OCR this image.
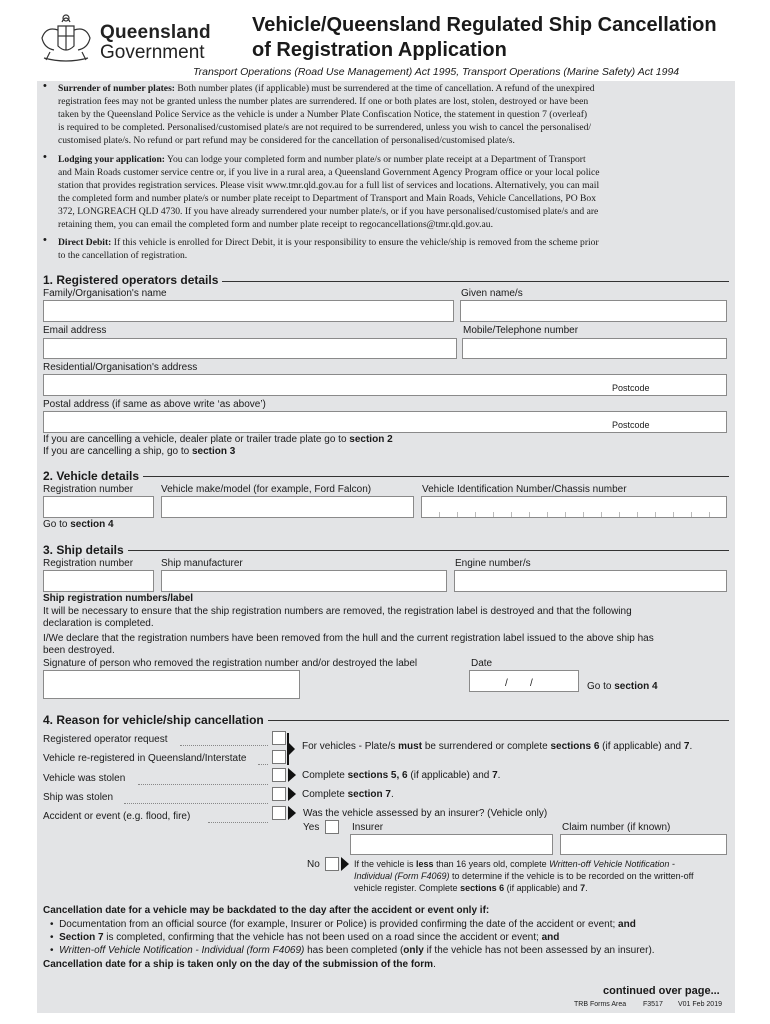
Queensland
Government
Vehicle/Queensland Regulated Ship Cancellation
of Registration Application
Transport Operations (Road Use Management) Act 1995, Transport Operations (Marine Safety) Act 1994
• Surrender of number plates: Both number plates (if applicable) must be surrendered at the time of cancellation. A refund of the unexpired
registration fees may not be granted unless the number plates are surrendered. If one or both plates are lost, stolen, destroyed or have been
taken by the Queensland Police Service as the vehicle is under a Number Plate Confiscation Notice, the statement in question 7 (overleaf)
is required to be completed. Personalised/customised plate/s are not required to be surrendered, unless you wish to cancel the personalised/
customised plate/s. No refund or part refund may be considered for the cancellation of personalised/customised plate/s.
• Lodging your application: You can lodge your completed form and number plate/s or number plate receipt at a Department of Transport
and Main Roads customer service centre or, if you live in a rural area, a Queensland Government Agency Program office or your local police
station that provides registration services. Please visit www.tmr.qld.gov.au for a full list of services and locations. Alternatively, you can mail
the completed form and number plate/s or number plate receipt to Department of Transport and Main Roads, Vehicle Cancellations, PO Box
372, LONGREACH QLD 4730. If you have already surrendered your number plate/s, or if you have personalised/customised plate/s and are
retaining them, you can email the completed form and number plate receipt to regocancellations@tmr.qld.gov.au.
• Direct Debit: If this vehicle is enrolled for Direct Debit, it is your responsibility to ensure the vehicle/ship is removed from the scheme prior
to the cancellation of registration.
1. Registered operators details
Family/Organisation's name	Given name/s
Email address	Mobile/Telephone number
Residential/Organisation's address
Postcode
Postal address (if same as above write ‘as above’)
Postcode
If you are cancelling a vehicle, dealer plate or trailer trade plate go to section 2
If you are cancelling a ship, go to section 3
2. Vehicle details
Registration number	Vehicle make/model (for example, Ford Falcon)	Vehicle Identification Number/Chassis number
Go to section 4
3. Ship details
Registration number	Ship manufacturer	Engine number/s
Ship registration numbers/label
It will be necessary to ensure that the ship registration numbers are removed, the registration label is destroyed and that the following
declaration is completed.
I/We declare that the registration numbers have been removed from the hull and the current registration label issued to the above ship has
been destroyed.
Signature of person who removed the registration number and/or destroyed the label	Date
/        /	Go to section 4
4. Reason for vehicle/ship cancellation
Registered operator request
Vehicle re-registered in Queensland/Interstate
For vehicles - Plate/s must be surrendered or complete sections 6 (if applicable) and 7.
Vehicle was stolen	Complete sections 5, 6 (if applicable) and 7.
Ship was stolen	Complete section 7.
Accident or event (e.g. flood, fire)	Was the vehicle assessed by an insurer? (Vehicle only)
Yes	Insurer	Claim number (if known)
No	If the vehicle is less than 16 years old, complete Written-off Vehicle Notification -
Individual (Form F4069) to determine if the vehicle is to be recorded on the written-off
vehicle register. Complete sections 6 (if applicable) and 7.
Cancellation date for a vehicle may be backdated to the day after the accident or event only if:
•  Documentation from an official source (for example, Insurer or Police) is provided confirming the date of the accident or event; and
•  Section 7 is completed, confirming that the vehicle has not been used on a road since the accident or event; and
•  Written-off Vehicle Notification - Individual (form F4069) has been completed (only if the vehicle has not been assessed by an insurer).
Cancellation date for a ship is taken only on the day of the submission of the form.
continued over page...
TRB Forms Area F3517 V01 Feb 2019
